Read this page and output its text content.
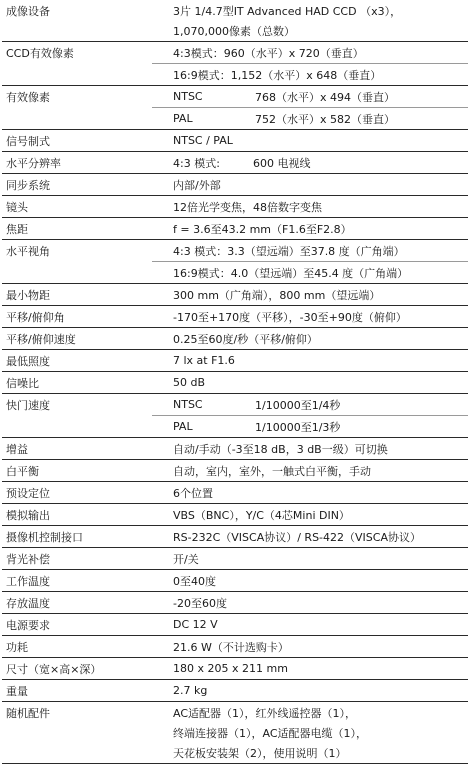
成像设备	3片 1/4.7型IT Advanced HAD CCD （x3），
1,070,000像素（总数）
CCD有效像素	4:3模式：960（水平）x 720（垂直）
16:9模式：1,152（水平）x 648（垂直）
有效像素	NTSC	768（水平）x 494（垂直）
PAL	752（水平）x 582（垂直）
信号制式	NTSC / PAL
水平分辨率	4:3 模式:	600 电视线
同步系统	内部/外部
镜头	12倍光学变焦，48倍数字变焦
焦距	f = 3.6至43.2 mm（F1.6至F2.8）
水平视角	4:3 模式：3.3（望远端）至37.8 度（广角端）
16:9模式：4.0（望远端）至45.4 度（广角端）
最小物距	300 mm（广角端），800 mm（望远端）
平移/俯仰角	-170至+170度（平移），-30至+90度（俯仰）
平移/俯仰速度	0.25至60度/秒（平移/俯仰）
最低照度	7 lx at F1.6
信噪比	50 dB
快门速度	NTSC	1/10000至1/4秒
PAL	1/10000至1/3秒
增益	自动/手动（-3至18 dB，3 dB一级）可切换
白平衡	自动，室内，室外，一触式白平衡，手动
预设定位	6个位置
模拟输出	VBS（BNC），Y/C（4芯Mini DIN）
摄像机控制接口	RS-232C（VISCA协议）/ RS-422（VISCA协议）
背光补偿	开/关
工作温度	0至40度
存放温度	-20至60度
电源要求	DC 12 V
功耗	21.6 W（不计选购卡）
尺寸（宽×高×深）	180 x 205 x 211 mm
重量	2.7 kg
随机配件	AC适配器（1），红外线遥控器（1），
终端连接器（1），AC适配器电缆（1），
天花板安装架（2），使用说明（1）
